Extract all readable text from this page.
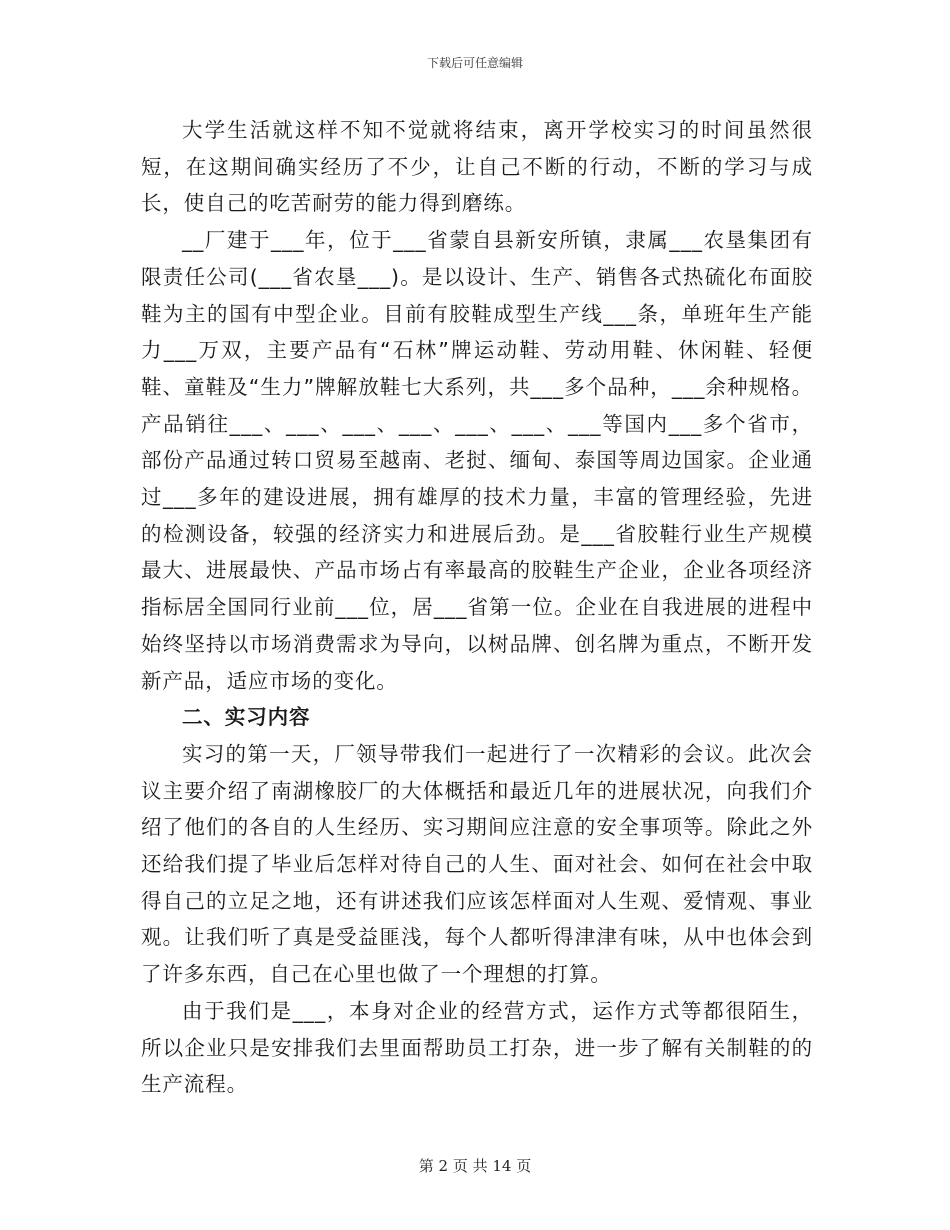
下载后可任意编辑

大学生活就这样不知不觉就将结束，离开学校实习的时间虽然很短，在这期间确实经历了不少，让自己不断的行动，不断的学习与成长，使自己的吃苦耐劳的能力得到磨练。

__厂建于___年，位于___省蒙自县新安所镇，隶属___农垦集团有限责任公司(___省农垦___)。是以设计、生产、销售各式热硫化布面胶鞋为主的国有中型企业。目前有胶鞋成型生产线___条，单班年生产能力___万双，主要产品有“石林”牌运动鞋、劳动用鞋、休闲鞋、轻便鞋、童鞋及“生力”牌解放鞋七大系列，共___多个品种，___余种规格。产品销往___、___、___、___、___、___、___等国内___多个省市，部份产品通过转口贸易至越南、老挝、缅甸、泰国等周边国家。企业通过___多年的建设进展，拥有雄厚的技术力量，丰富的管理经验，先进的检测设备，较强的经济实力和进展后劲。是___省胶鞋行业生产规模最大、进展最快、产品市场占有率最高的胶鞋生产企业，企业各项经济指标居全国同行业前___位，居___省第一位。企业在自我进展的进程中始终坚持以市场消费需求为导向，以树品牌、创名牌为重点，不断开发新产品，适应市场的变化。

二、实习内容

实习的第一天，厂领导带我们一起进行了一次精彩的会议。此次会议主要介绍了南湖橡胶厂的大体概括和最近几年的进展状况，向我们介绍了他们的各自的人生经历、实习期间应注意的安全事项等。除此之外还给我们提了毕业后怎样对待自己的人生、面对社会、如何在社会中取得自己的立足之地，还有讲述我们应该怎样面对人生观、爱情观、事业观。让我们听了真是受益匪浅，每个人都听得津津有味，从中也体会到了许多东西，自己在心里也做了一个理想的打算。

由于我们是___，本身对企业的经营方式，运作方式等都很陌生，所以企业只是安排我们去里面帮助员工打杂，进一步了解有关制鞋的的生产流程。

第 2 页 共 14 页
